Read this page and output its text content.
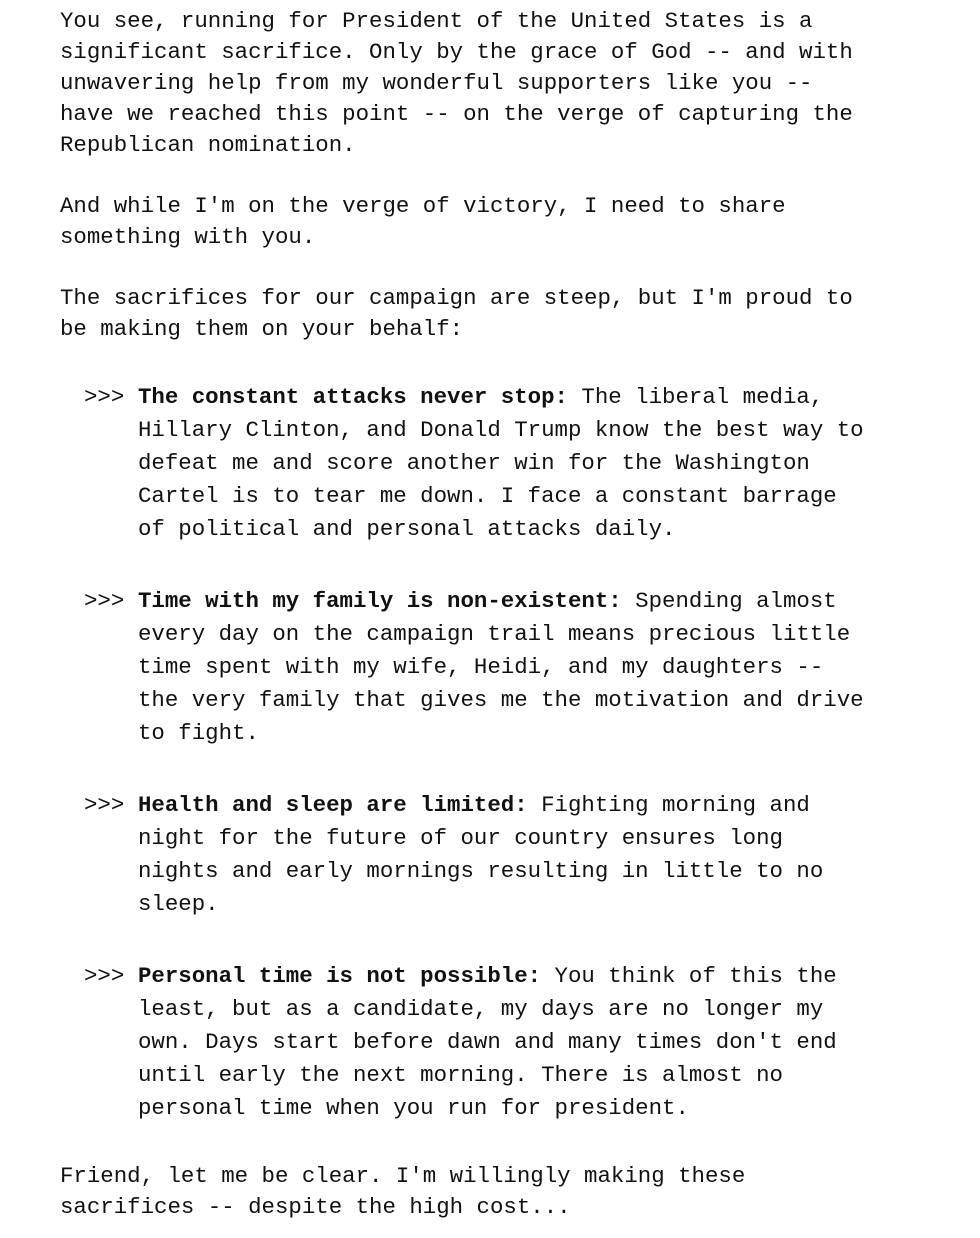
You see, running for President of the United States is a
significant sacrifice. Only by the grace of God -- and with
unwavering help from my wonderful supporters like you --
have we reached this point -- on the verge of capturing the
Republican nomination.

And while I'm on the verge of victory, I need to share
something with you.

The sacrifices for our campaign are steep, but I'm proud to
be making them on your behalf:

>>> The constant attacks never stop: The liberal media,
Hillary Clinton, and Donald Trump know the best way to
defeat me and score another win for the Washington
Cartel is to tear me down. I face a constant barrage
of political and personal attacks daily.
>>> Time with my family is non-existent: Spending almost
every day on the campaign trail means precious little
time spent with my wife, Heidi, and my daughters --
the very family that gives me the motivation and drive
to fight.
>>> Health and sleep are limited: Fighting morning and
night for the future of our country ensures long
nights and early mornings resulting in little to no
sleep.
>>> Personal time is not possible: You think of this the
least, but as a candidate, my days are no longer my
own. Days start before dawn and many times don't end
until early the next morning. There is almost no
personal time when you run for president.

Friend, let me be clear. I'm willingly making these
sacrifices -- despite the high cost...
